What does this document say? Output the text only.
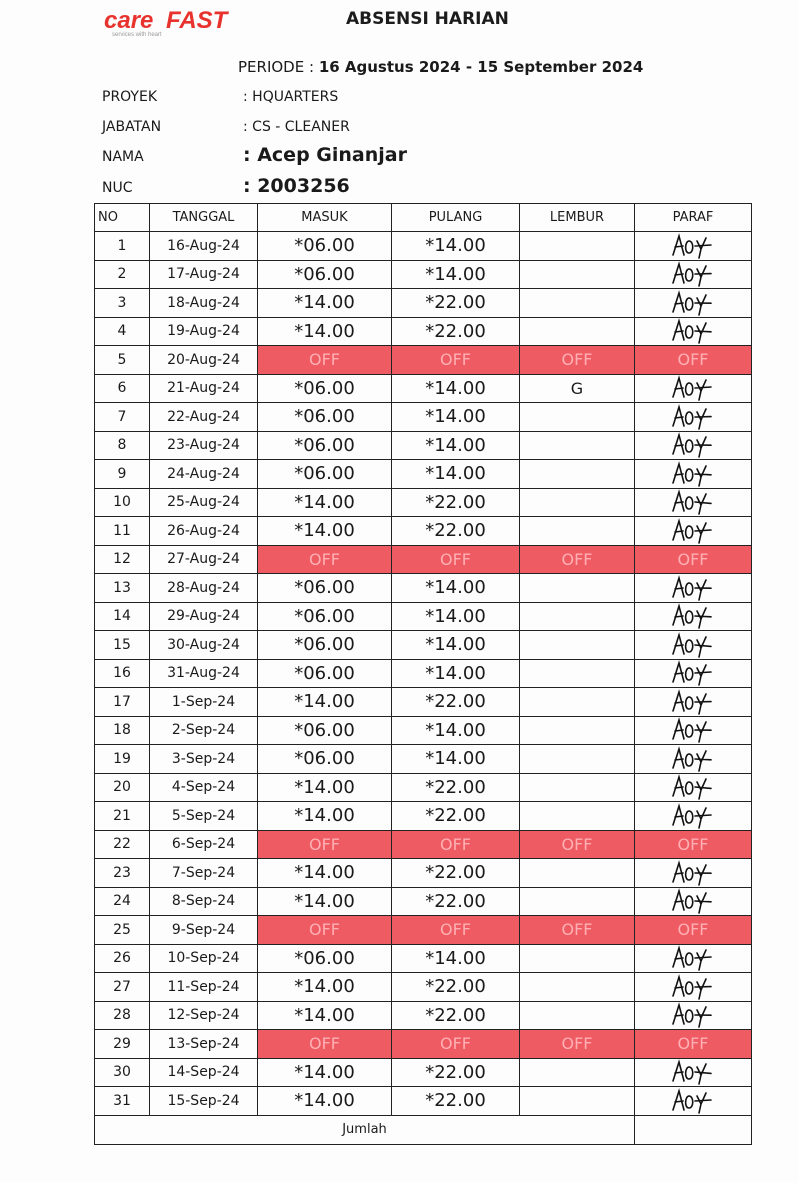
care FAST
services with heart
ABSENSI HARIAN
PERIODE : 16 Agustus 2024 - 15 September 2024
PROYEK	: HQUARTERS
JABATAN	: CS - CLEANER
NAMA	: Acep Ginanjar
NUC	: 2003256
NO	TANGGAL	MASUK	PULANG	LEMBUR	PARAF
1	16-Aug-24	*06.00	*14.00		

2	17-Aug-24	*06.00	*14.00		

3	18-Aug-24	*14.00	*22.00		

4	19-Aug-24	*14.00	*22.00		

5	20-Aug-24	OFF	OFF	OFF	OFF
6	21-Aug-24	*06.00	*14.00	G	

7	22-Aug-24	*06.00	*14.00		

8	23-Aug-24	*06.00	*14.00		

9	24-Aug-24	*06.00	*14.00		

10	25-Aug-24	*14.00	*22.00		

11	26-Aug-24	*14.00	*22.00		

12	27-Aug-24	OFF	OFF	OFF	OFF
13	28-Aug-24	*06.00	*14.00		

14	29-Aug-24	*06.00	*14.00		

15	30-Aug-24	*06.00	*14.00		

16	31-Aug-24	*06.00	*14.00		

17	1-Sep-24	*14.00	*22.00		

18	2-Sep-24	*06.00	*14.00		

19	3-Sep-24	*06.00	*14.00		

20	4-Sep-24	*14.00	*22.00		

21	5-Sep-24	*14.00	*22.00		

22	6-Sep-24	OFF	OFF	OFF	OFF
23	7-Sep-24	*14.00	*22.00		

24	8-Sep-24	*14.00	*22.00		

25	9-Sep-24	OFF	OFF	OFF	OFF
26	10-Sep-24	*06.00	*14.00		

27	11-Sep-24	*14.00	*22.00		

28	12-Sep-24	*14.00	*22.00		

29	13-Sep-24	OFF	OFF	OFF	OFF
30	14-Sep-24	*14.00	*22.00		

31	15-Sep-24	*14.00	*22.00		

Jumlah					
